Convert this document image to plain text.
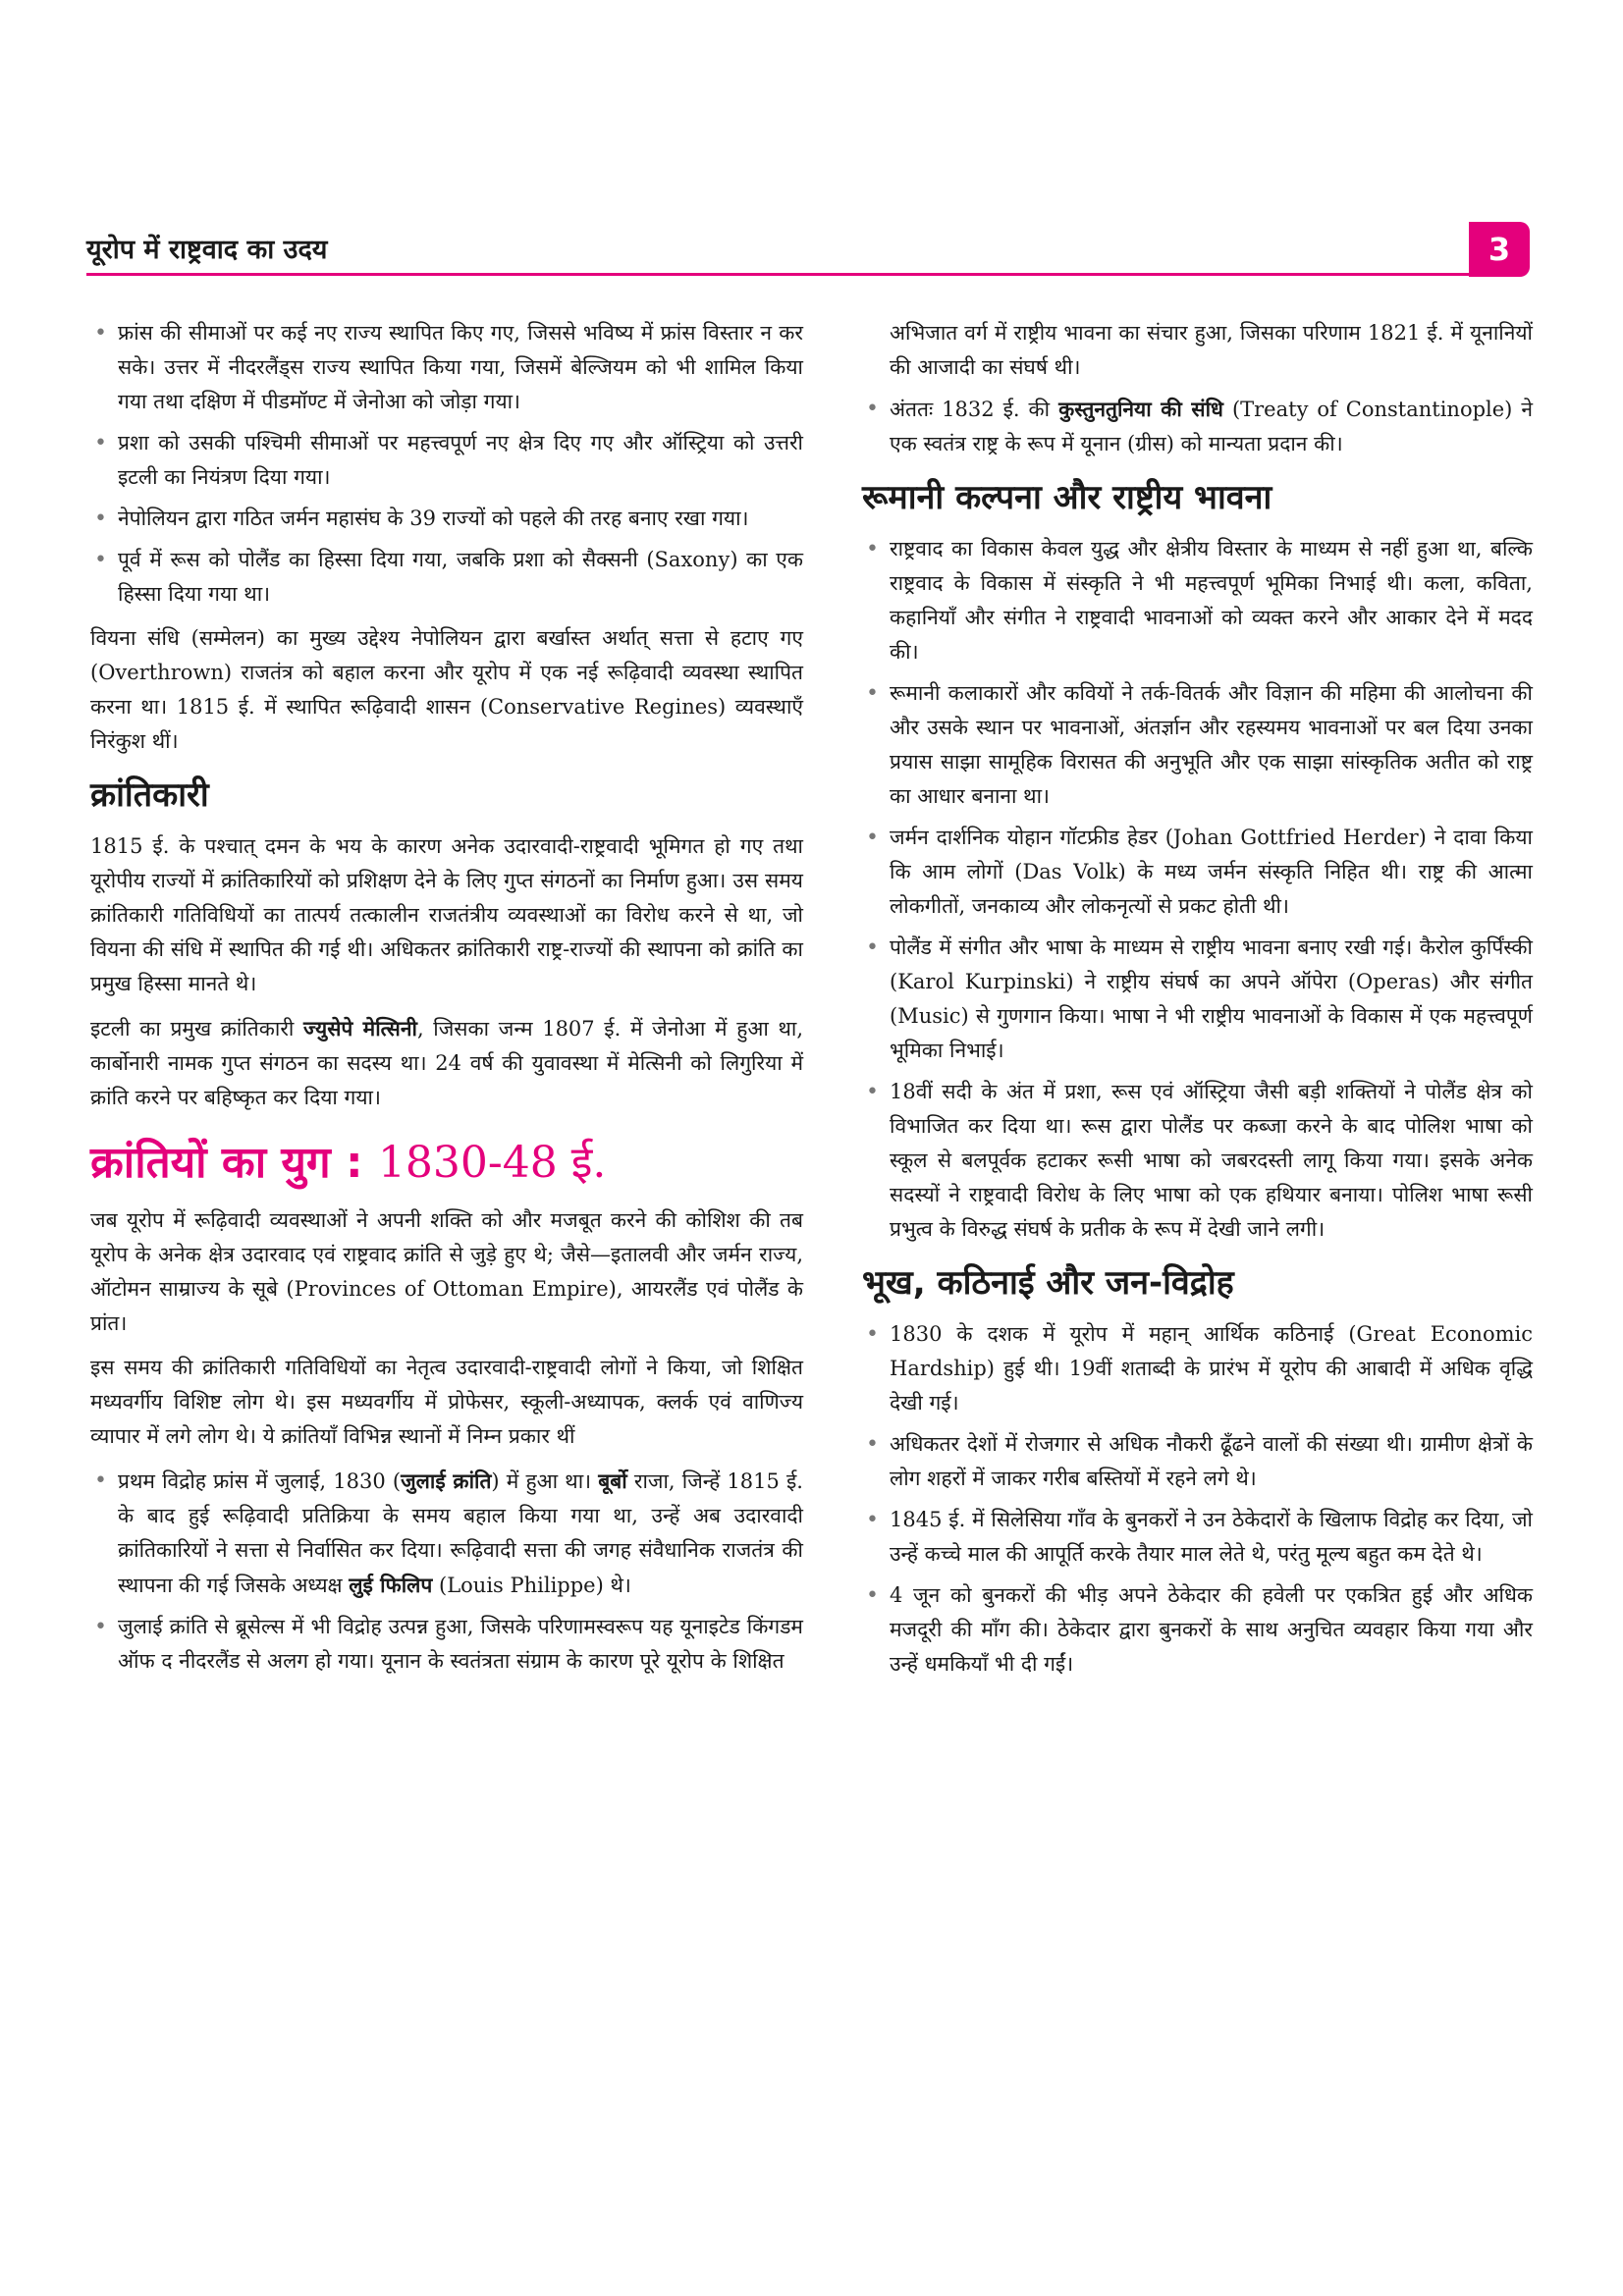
यूरोप में राष्ट्रवाद का उदय	3
• फ्रांस की सीमाओं पर कई नए राज्य स्थापित किए गए, जिससे भविष्य में फ्रांस विस्तार न कर सके। उत्तर में नीदरलैंड्स राज्य स्थापित किया गया, जिसमें बेल्जियम को भी शामिल किया गया तथा दक्षिण में पीडमॉण्ट में जेनोआ को जोड़ा गया।
• प्रशा को उसकी पश्चिमी सीमाओं पर महत्त्वपूर्ण नए क्षेत्र दिए गए और ऑस्ट्रिया को उत्तरी इटली का नियंत्रण दिया गया।
• नेपोलियन द्वारा गठित जर्मन महासंघ के 39 राज्यों को पहले की तरह बनाए रखा गया।
• पूर्व में रूस को पोलैंड का हिस्सा दिया गया, जबकि प्रशा को सैक्सनी (Saxony) का एक हिस्सा दिया गया था।

वियना संधि (सम्मेलन) का मुख्य उद्देश्य नेपोलियन द्वारा बर्खास्त अर्थात् सत्ता से हटाए गए (Overthrown) राजतंत्र को बहाल करना और यूरोप में एक नई रूढ़िवादी व्यवस्था स्थापित करना था। 1815 ई. में स्थापित रूढ़िवादी शासन (Conservative Regines) व्यवस्थाएँ निरंकुश थीं।

क्रांतिकारी

1815 ई. के पश्चात् दमन के भय के कारण अनेक उदारवादी-राष्ट्रवादी भूमिगत हो गए तथा यूरोपीय राज्यों में क्रांतिकारियों को प्रशिक्षण देने के लिए गुप्त संगठनों का निर्माण हुआ। उस समय क्रांतिकारी गतिविधियों का तात्पर्य तत्कालीन राजतंत्रीय व्यवस्थाओं का विरोध करने से था, जो वियना की संधि में स्थापित की गई थी। अधिकतर क्रांतिकारी राष्ट्र-राज्यों की स्थापना को क्रांति का प्रमुख हिस्सा मानते थे।

इटली का प्रमुख क्रांतिकारी ज्युसेपे मेत्सिनी, जिसका जन्म 1807 ई. में जेनोआ में हुआ था, कार्बोनारी नामक गुप्त संगठन का सदस्य था। 24 वर्ष की युवावस्था में मेत्सिनी को लिगुरिया में क्रांति करने पर बहिष्कृत कर दिया गया।

क्रांतियों का युग : 1830-48 ई.

जब यूरोप में रूढ़िवादी व्यवस्थाओं ने अपनी शक्ति को और मजबूत करने की कोशिश की तब यूरोप के अनेक क्षेत्र उदारवाद एवं राष्ट्रवाद क्रांति से जुड़े हुए थे; जैसे—इतालवी और जर्मन राज्य, ऑटोमन साम्राज्य के सूबे (Provinces of Ottoman Empire), आयरलैंड एवं पोलैंड के प्रांत।

इस समय की क्रांतिकारी गतिविधियों का नेतृत्व उदारवादी-राष्ट्रवादी लोगों ने किया, जो शिक्षित मध्यवर्गीय विशिष्ट लोग थे। इस मध्यवर्गीय में प्रोफेसर, स्कूली-अध्यापक, क्लर्क एवं वाणिज्य व्यापार में लगे लोग थे। ये क्रांतियाँ विभिन्न स्थानों में निम्न प्रकार थीं

• प्रथम विद्रोह फ्रांस में जुलाई, 1830 (जुलाई क्रांति) में हुआ था। बूर्बो राजा, जिन्हें 1815 ई. के बाद हुई रूढ़िवादी प्रतिक्रिया के समय बहाल किया गया था, उन्हें अब उदारवादी क्रांतिकारियों ने सत्ता से निर्वासित कर दिया। रूढ़िवादी सत्ता की जगह संवैधानिक राजतंत्र की स्थापना की गई जिसके अध्यक्ष लुई फिलिप (Louis Philippe) थे।
• जुलाई क्रांति से ब्रूसेल्स में भी विद्रोह उत्पन्न हुआ, जिसके परिणामस्वरूप यह यूनाइटेड किंगडम ऑफ द नीदरलैंड से अलग हो गया। यूनान के स्वतंत्रता संग्राम के कारण पूरे यूरोप के शिक्षित

अभिजात वर्ग में राष्ट्रीय भावना का संचार हुआ, जिसका परिणाम 1821 ई. में यूनानियों की आजादी का संघर्ष थी।

• अंततः 1832 ई. की कुस्तुनतुनिया की संधि (Treaty of Constantinople) ने एक स्वतंत्र राष्ट्र के रूप में यूनान (ग्रीस) को मान्यता प्रदान की।
रूमानी कल्पना और राष्ट्रीय भावना
• राष्ट्रवाद का विकास केवल युद्ध और क्षेत्रीय विस्तार के माध्यम से नहीं हुआ था, बल्कि राष्ट्रवाद के विकास में संस्कृति ने भी महत्त्वपूर्ण भूमिका निभाई थी। कला, कविता, कहानियाँ और संगीत ने राष्ट्रवादी भावनाओं को व्यक्त करने और आकार देने में मदद की।
• रूमानी कलाकारों और कवियों ने तर्क-वितर्क और विज्ञान की महिमा की आलोचना की और उसके स्थान पर भावनाओं, अंतर्ज्ञान और रहस्यमय भावनाओं पर बल दिया उनका प्रयास साझा सामूहिक विरासत की अनुभूति और एक साझा सांस्कृतिक अतीत को राष्ट्र का आधार बनाना था।
• जर्मन दार्शनिक योहान गॉटफ्रीड हेडर (Johan Gottfried Herder) ने दावा किया कि आम लोगों (Das Volk) के मध्य जर्मन संस्कृति निहित थी। राष्ट्र की आत्मा लोकगीतों, जनकाव्य और लोकनृत्यों से प्रकट होती थी।
• पोलैंड में संगीत और भाषा के माध्यम से राष्ट्रीय भावना बनाए रखी गई। कैरोल कुर्पिंस्की (Karol Kurpinski) ने राष्ट्रीय संघर्ष का अपने ऑपेरा (Operas) और संगीत (Music) से गुणगान किया। भाषा ने भी राष्ट्रीय भावनाओं के विकास में एक महत्त्वपूर्ण भूमिका निभाई।
• 18वीं सदी के अंत में प्रशा, रूस एवं ऑस्ट्रिया जैसी बड़ी शक्तियों ने पोलैंड क्षेत्र को विभाजित कर दिया था। रूस द्वारा पोलैंड पर कब्जा करने के बाद पोलिश भाषा को स्कूल से बलपूर्वक हटाकर रूसी भाषा को जबरदस्ती लागू किया गया। इसके अनेक सदस्यों ने राष्ट्रवादी विरोध के लिए भाषा को एक हथियार बनाया। पोलिश भाषा रूसी प्रभुत्व के विरुद्ध संघर्ष के प्रतीक के रूप में देखी जाने लगी।
भूख, कठिनाई और जन-विद्रोह
• 1830 के दशक में यूरोप में महान् आर्थिक कठिनाई (Great Economic Hardship) हुई थी। 19वीं शताब्दी के प्रारंभ में यूरोप की आबादी में अधिक वृद्धि देखी गई।
• अधिकतर देशों में रोजगार से अधिक नौकरी ढूँढने वालों की संख्या थी। ग्रामीण क्षेत्रों के लोग शहरों में जाकर गरीब बस्तियों में रहने लगे थे।
• 1845 ई. में सिलेसिया गाँव के बुनकरों ने उन ठेकेदारों के खिलाफ विद्रोह कर दिया, जो उन्हें कच्चे माल की आपूर्ति करके तैयार माल लेते थे, परंतु मूल्य बहुत कम देते थे।
• 4 जून को बुनकरों की भीड़ अपने ठेकेदार की हवेली पर एकत्रित हुई और अधिक मजदूरी की माँग की। ठेकेदार द्वारा बुनकरों के साथ अनुचित व्यवहार किया गया और उन्हें धमकियाँ भी दी गईं।
